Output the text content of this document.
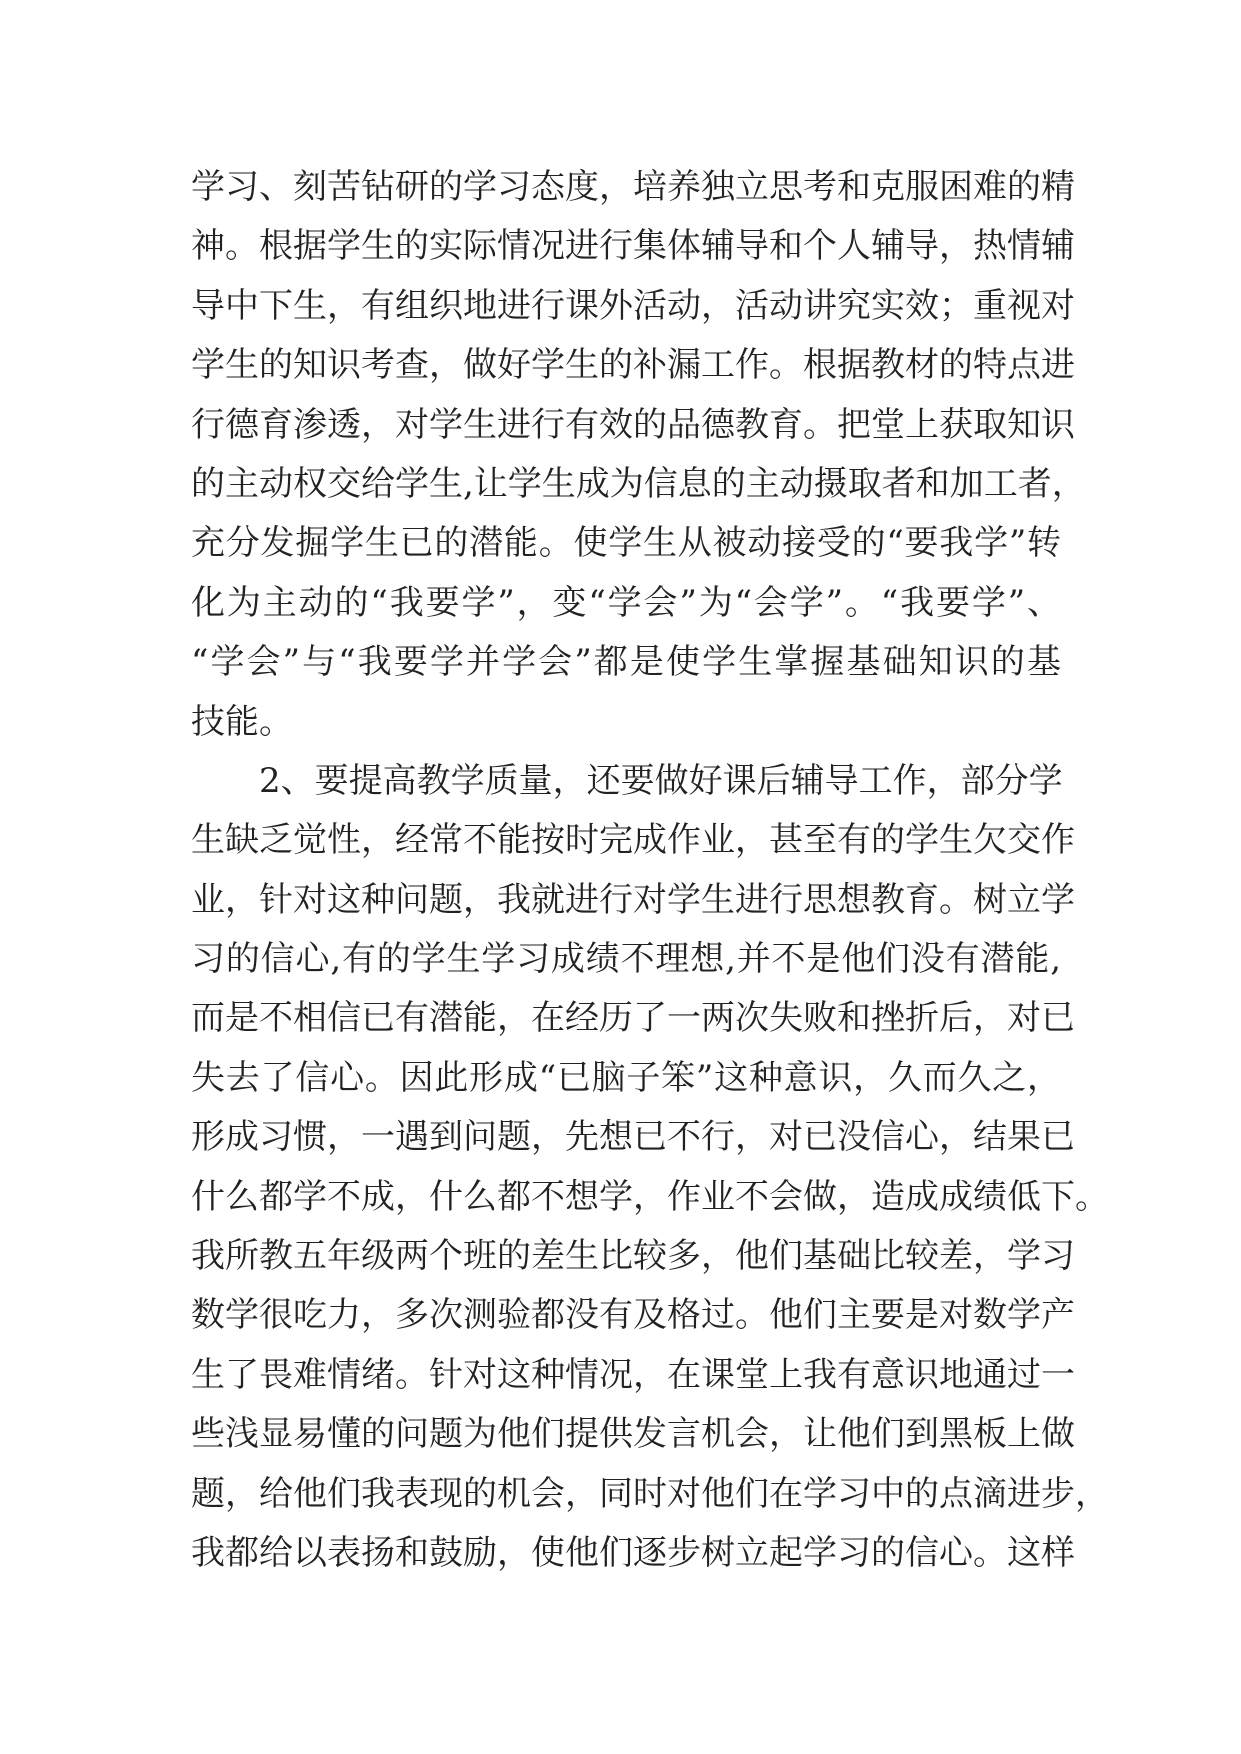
学习、刻苦钻研的学习态度，培养独立思考和克服困难的精
神。根据学生的实际情况进行集体辅导和个人辅导，热情辅
导中下生，有组织地进行课外活动，活动讲究实效；重视对
学生的知识考查，做好学生的补漏工作。根据教材的特点进
行德育渗透，对学生进行有效的品德教育。把堂上获取知识
的主动权交给学生,让学生成为信息的主动摄取者和加工者，
充分发掘学生已的潜能。使学生从被动接受的“要我学”转
化为主动的“我要学”，变“学会”为“会学”。“我要学”、
“学会”与“我要学并学会”都是使学生掌握基础知识的基
技能。
2、要提高教学质量，还要做好课后辅导工作，部分学
生缺乏觉性，经常不能按时完成作业，甚至有的学生欠交作
业，针对这种问题，我就进行对学生进行思想教育。树立学
习的信心,有的学生学习成绩不理想,并不是他们没有潜能,
而是不相信已有潜能，在经历了一两次失败和挫折后，对已
失去了信心。因此形成“已脑子笨”这种意识，久而久之，
形成习惯，一遇到问题，先想已不行，对已没信心，结果已
什么都学不成，什么都不想学，作业不会做，造成成绩低下。
我所教五年级两个班的差生比较多，他们基础比较差，学习
数学很吃力，多次测验都没有及格过。他们主要是对数学产
生了畏难情绪。针对这种情况，在课堂上我有意识地通过一
些浅显易懂的问题为他们提供发言机会，让他们到黑板上做
题，给他们我表现的机会，同时对他们在学习中的点滴进步，
我都给以表扬和鼓励，使他们逐步树立起学习的信心。这样
